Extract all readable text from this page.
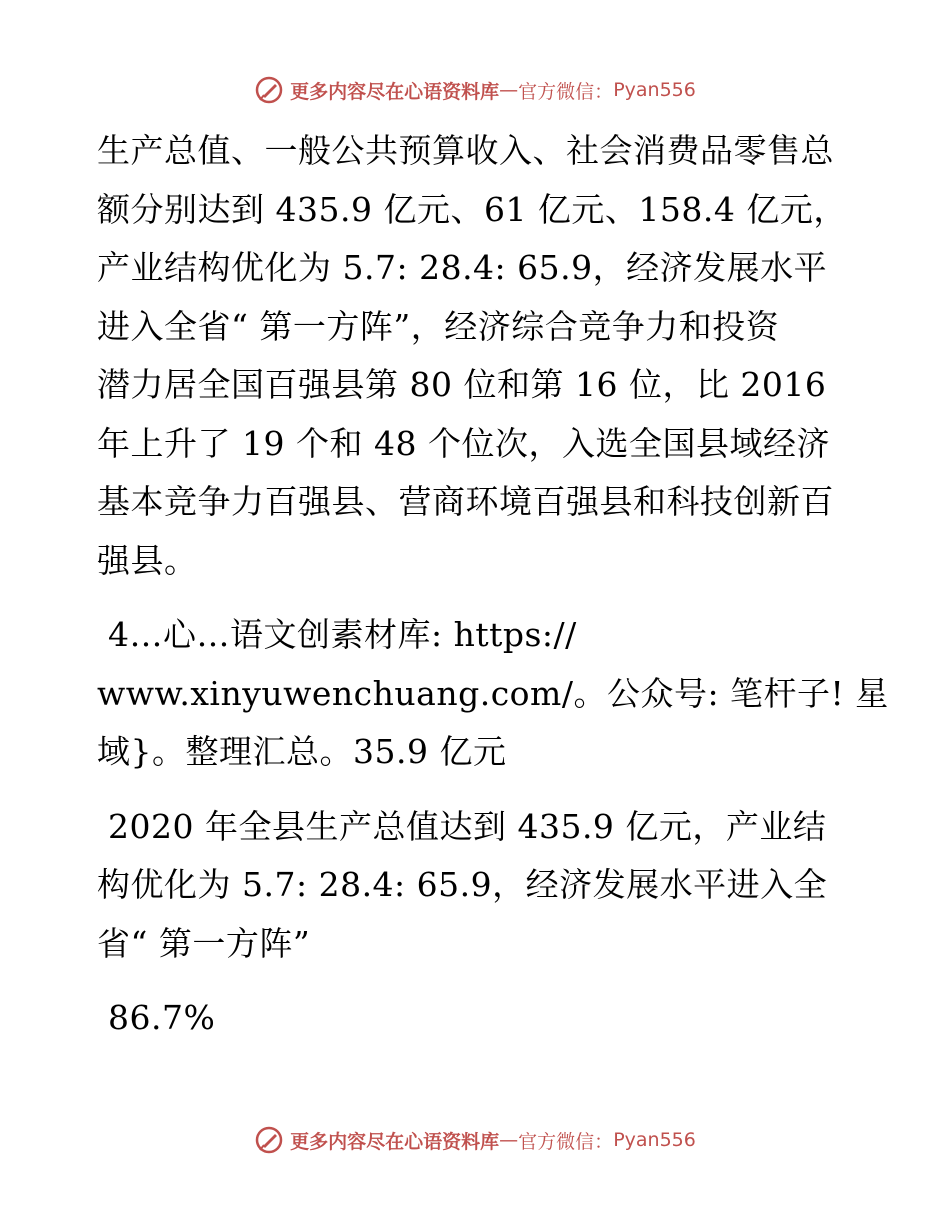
更多内容尽在心语资料库 — 官方微信： Pyan556

生产总值、一般公共预算收入、社会消费品零售总

额分别达到 435.9 亿元、61 亿元、158.4 亿元，

产业结构优化为 5.7: 28.4: 65.9，经济发展水平

进入全省“ 第一方阵”，经济综合竞争力和投资

潜力居全国百强县第 80 位和第 16 位，比 2016

年上升了 19 个和 48 个位次，入选全国县域经济

基本竞争力百强县、营商环境百强县和科技创新百

强县。

4…心…语文创素材库: https://

www.xinyuwenchuang.com/。公众号: 笔杆子! 星

域}。整理汇总。35.9 亿元

2020 年全县生产总值达到 435.9 亿元，产业结

构优化为 5.7: 28.4: 65.9，经济发展水平进入全

省“ 第一方阵”

86.7%

更多内容尽在心语资料库 — 官方微信： Pyan556
